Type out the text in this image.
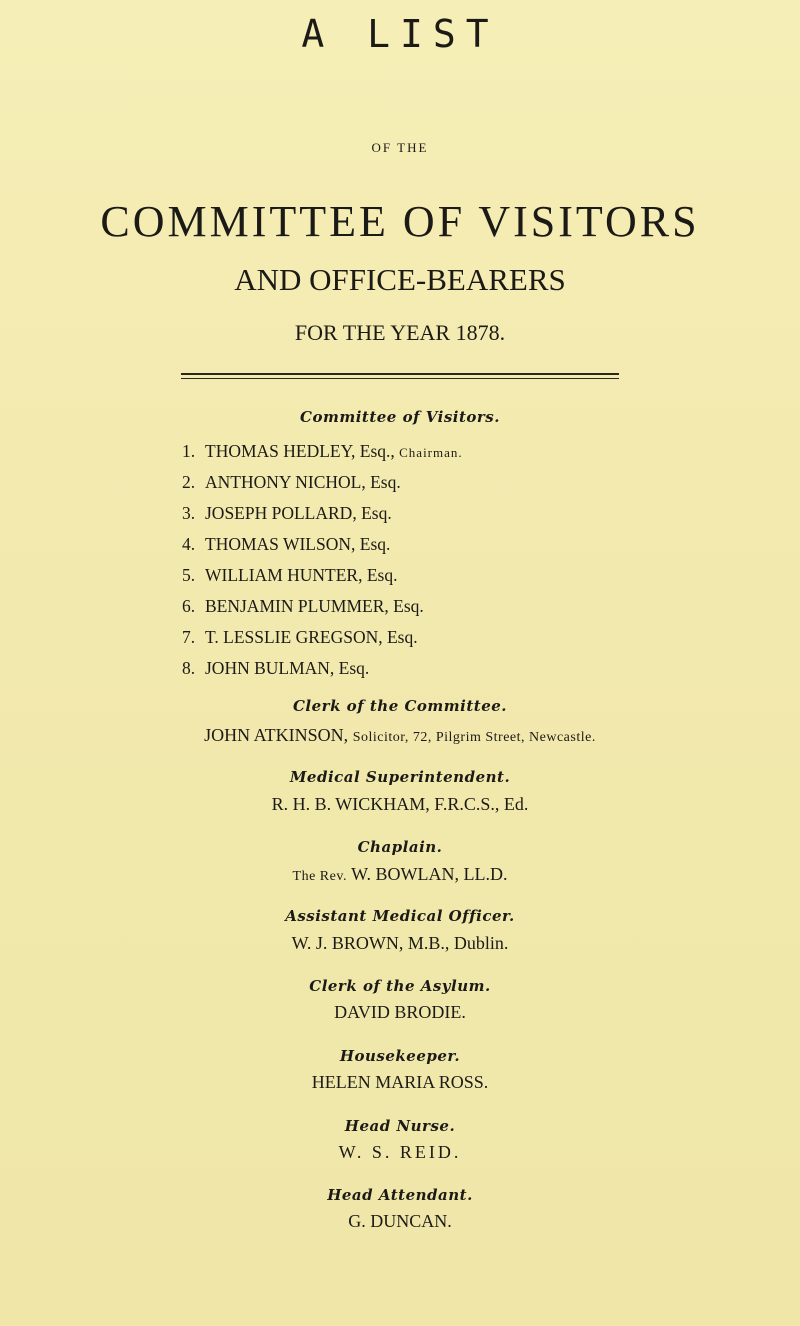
A LIST
OF THE
COMMITTEE OF VISITORS
AND OFFICE-BEARERS
FOR THE YEAR 1878.
Committee of Visitors.
1. THOMAS HEDLEY, Esq., Chairman.
2. ANTHONY NICHOL, Esq.
3. JOSEPH POLLARD, Esq.
4. THOMAS WILSON, Esq.
5. WILLIAM HUNTER, Esq.
6. BENJAMIN PLUMMER, Esq.
7. T. LESSLIE GREGSON, Esq.
8. JOHN BULMAN, Esq.
Clerk of the Committee.
JOHN ATKINSON, Solicitor, 72, Pilgrim Street, Newcastle.
Medical Superintendent.
R. H. B. WICKHAM, F.R.C.S., Ed.
Chaplain.
The Rev. W. BOWLAN, LL.D.
Assistant Medical Officer.
W. J. BROWN, M.B., Dublin.
Clerk of the Asylum.
DAVID BRODIE.
Housekeeper.
HELEN MARIA ROSS.
Head Nurse.
W. S. REID.
Head Attendant.
G. DUNCAN.
